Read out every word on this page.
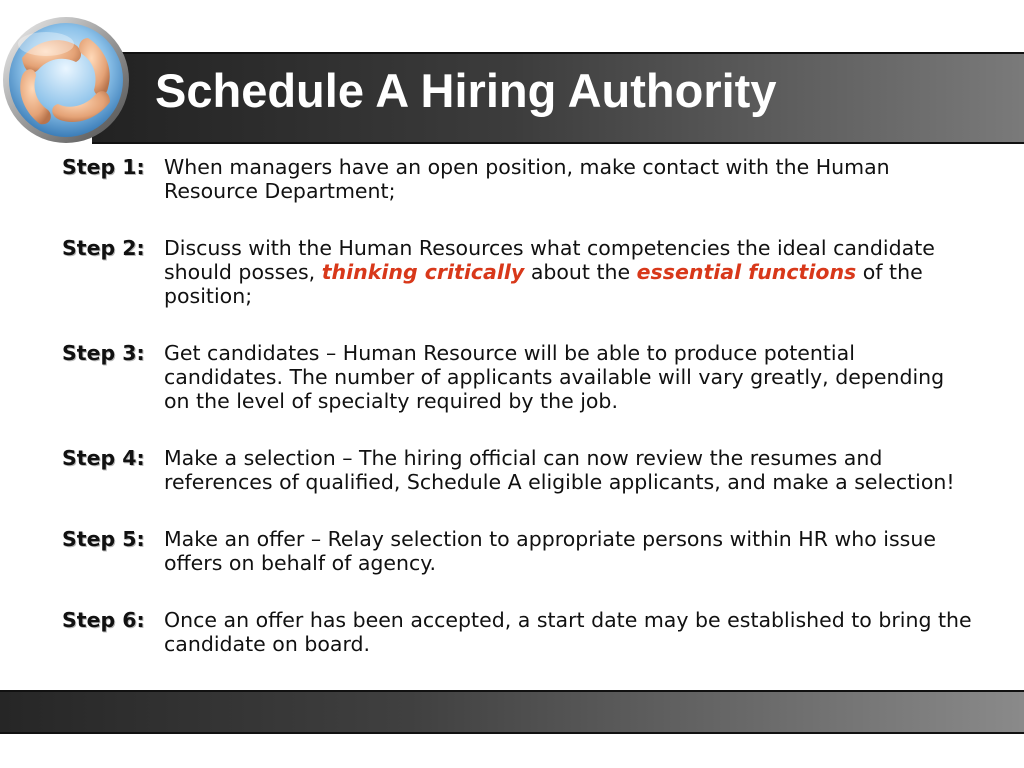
Schedule A Hiring Authority
Step 1: When managers have an open position, make contact with the Human Resource Department;
Step 2: Discuss with the Human Resources what competencies the ideal candidate should posses, thinking critically about the essential functions of the position;
Step 3: Get candidates – Human Resource will be able to produce potential candidates. The number of applicants available will vary greatly, depending on the level of specialty required by the job.
Step 4: Make a selection – The hiring official can now review the resumes and references of qualified, Schedule A eligible applicants, and make a selection!
Step 5: Make an offer – Relay selection to appropriate persons within HR who issue offers on behalf of agency.
Step 6: Once an offer has been accepted, a start date may be established to bring the candidate on board.
